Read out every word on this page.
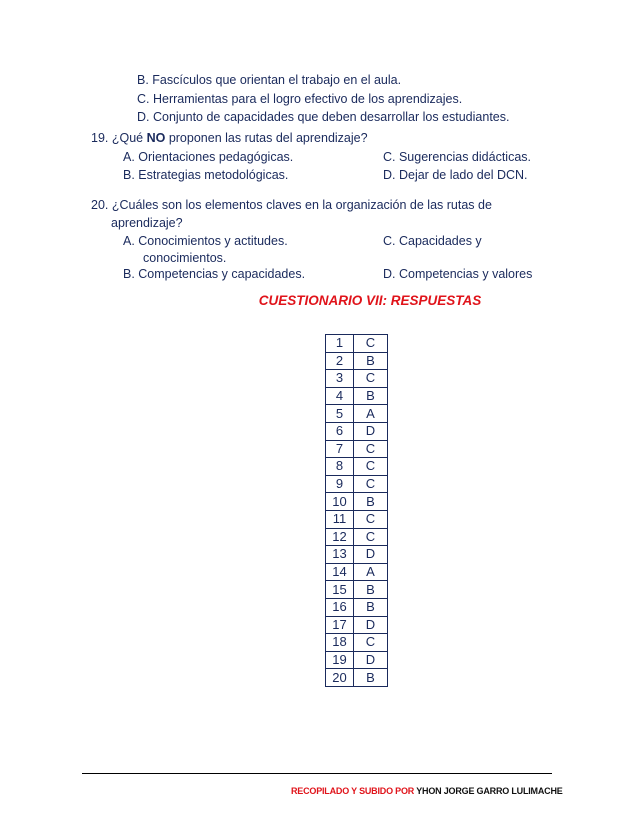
B. Fascículos que orientan el trabajo en el aula.
C. Herramientas para el logro efectivo de los aprendizajes.
D. Conjunto de capacidades que deben desarrollar los estudiantes.
19. ¿Qué NO proponen las rutas del aprendizaje?
A. Orientaciones pedagógicas.	C. Sugerencias didácticas.
B. Estrategias metodológicas.	D. Dejar de lado del DCN.
20. ¿Cuáles son los elementos claves en la organización de las rutas de
aprendizaje?
A. Conocimientos y actitudes.	C. Capacidades y
conocimientos.
B. Competencias y capacidades.	D. Competencias y valores
CUESTIONARIO VII: RESPUESTAS
1	C
2	B
3	C
4	B
5	A
6	D
7	C
8	C
9	C
10	B
11	C
12	C
13	D
14	A
15	B
16	B
17	D
18	C
19	D
20	B
RECOPILADO Y SUBIDO POR YHON JORGE GARRO LULIMACHE
